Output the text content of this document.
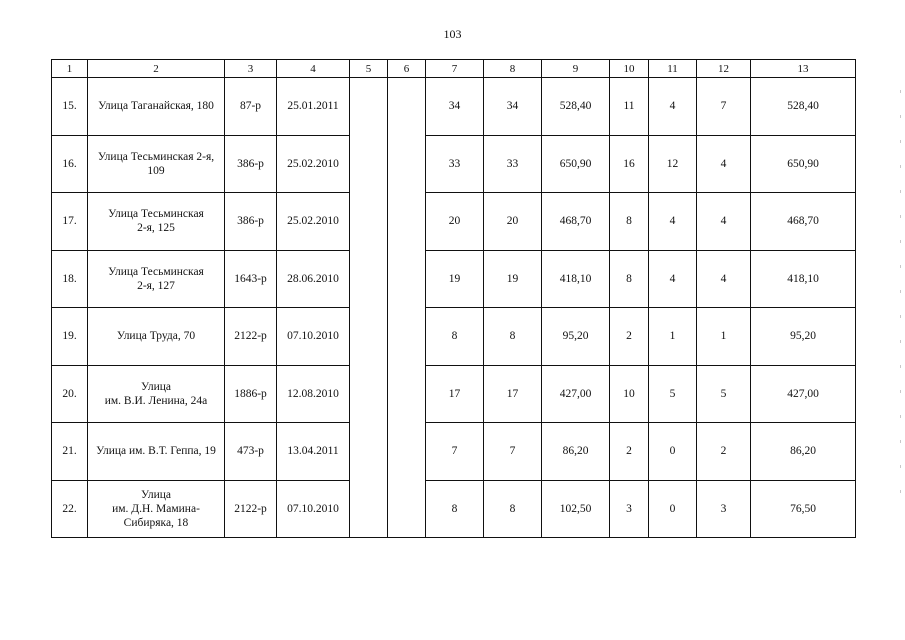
103
1	2	3	4	5	6	7	8	9	10	11	12	13
15.	Улица Таганайская, 180	87-р	25.01.2011			34	34	528,40	11	4	7	528,40
16.	Улица Тесьминская 2-я,
109	386-р	25.02.2010			33	33	650,90	16	12	4	650,90
17.	Улица Тесьминская
2-я, 125	386-р	25.02.2010			20	20	468,70	8	4	4	468,70
18.	Улица Тесьминская
2-я, 127	1643-р	28.06.2010			19	19	418,10	8	4	4	418,10
19.	Улица Труда, 70	2122-р	07.10.2010			8	8	95,20	2	1	1	95,20
20.	Улица
им. В.И. Ленина, 24а	1886-р	12.08.2010			17	17	427,00	10	5	5	427,00
21.	Улица им. В.Т. Геппа, 19	473-р	13.04.2011			7	7	86,20	2	0	2	86,20
22.	Улица
им. Д.Н. Мамина-
Сибиряка, 18	2122-р	07.10.2010			8	8	102,50	3	0	3	76,50
